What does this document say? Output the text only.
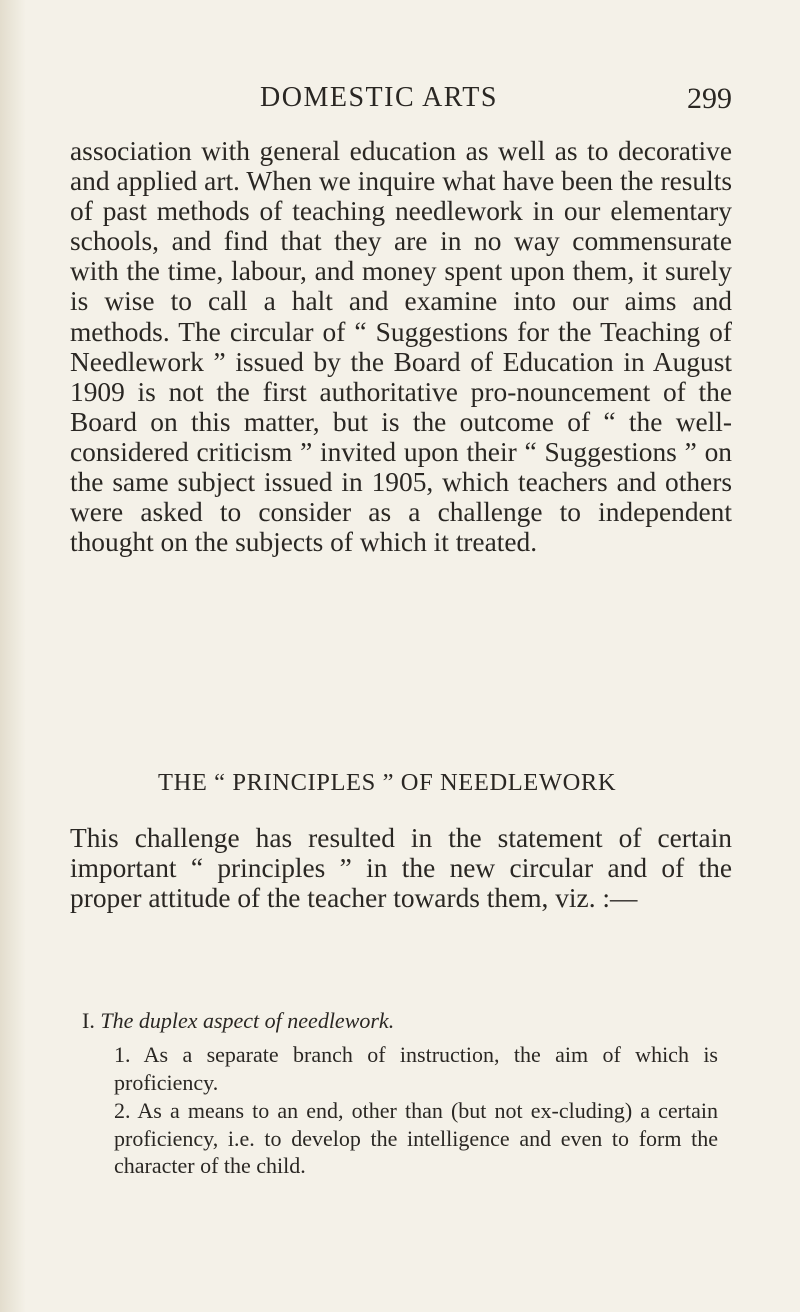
DOMESTIC ARTS	299

association with general education as well as to decorative and applied art. When we inquire what have been the results of past methods of teaching needlework in our elementary schools, and find that they are in no way commensurate with the time, labour, and money spent upon them, it surely is wise to call a halt and examine into our aims and methods. The circular of “ Suggestions for the Teaching of Needlework ” issued by the Board of Education in August 1909 is not the first authoritative pro-nouncement of the Board on this matter, but is the outcome of “ the well-considered criticism ” invited upon their “ Suggestions ” on the same subject issued in 1905, which teachers and others were asked to consider as a challenge to independent thought on the subjects of which it treated.

THE “ PRINCIPLES ” OF NEEDLEWORK

This challenge has resulted in the statement of certain important “ principles ” in the new circular and of the proper attitude of the teacher towards them, viz. :—

I. The duplex aspect of needlework.

1. As a separate branch of instruction, the aim of which is proficiency.

2. As a means to an end, other than (but not ex-cluding) a certain proficiency, i.e. to develop the intelligence and even to form the character of the child.
